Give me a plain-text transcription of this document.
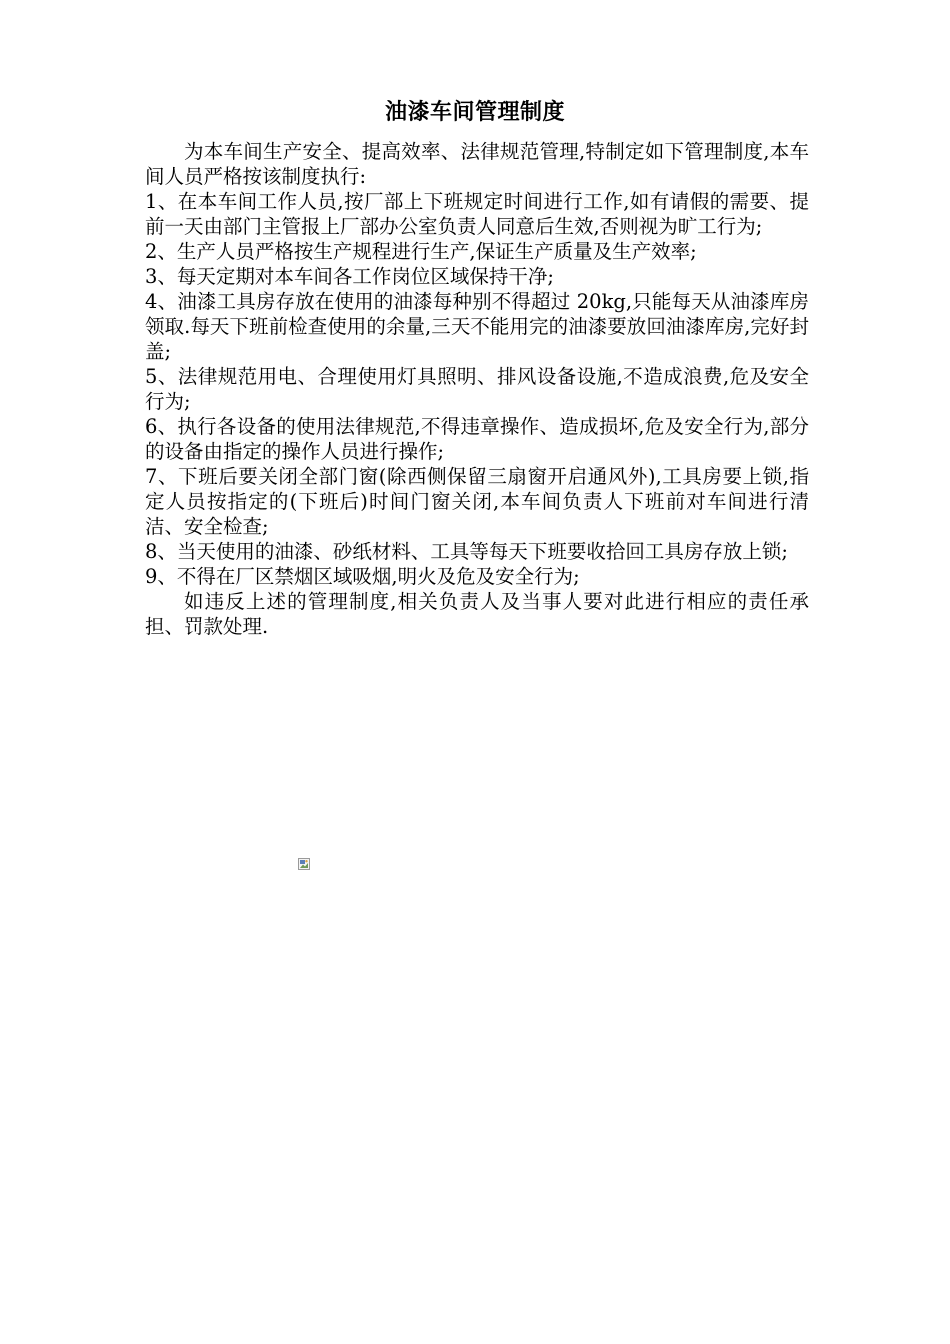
油漆车间管理制度

为本车间生产安全、提高效率、法律规范管理,特制定如下管理制度,本车间人员严格按该制度执行:

1、在本车间工作人员,按厂部上下班规定时间进行工作,如有请假的需要、提前一天由部门主管报上厂部办公室负责人同意后生效,否则视为旷工行为;

2、生产人员严格按生产规程进行生产,保证生产质量及生产效率;

3、每天定期对本车间各工作岗位区域保持干净;

4、油漆工具房存放在使用的油漆每种别不得超过 20kg,只能每天从油漆库房领取.每天下班前检查使用的余量,三天不能用完的油漆要放回油漆库房,完好封盖;

5、法律规范用电、合理使用灯具照明、排风设备设施,不造成浪费,危及安全行为;

6、执行各设备的使用法律规范,不得违章操作、造成损坏,危及安全行为,部分的设备由指定的操作人员进行操作;

7、下班后要关闭全部门窗(除西侧保留三扇窗开启通风外),工具房要上锁,指定人员按指定的(下班后)时间门窗关闭,本车间负责人下班前对车间进行清洁、安全检查;

8、当天使用的油漆、砂纸材料、工具等每天下班要收拾回工具房存放上锁;

9、不得在厂区禁烟区域吸烟,明火及危及安全行为;

如违反上述的管理制度,相关负责人及当事人要对此进行相应的责任承担、罚款处理.
